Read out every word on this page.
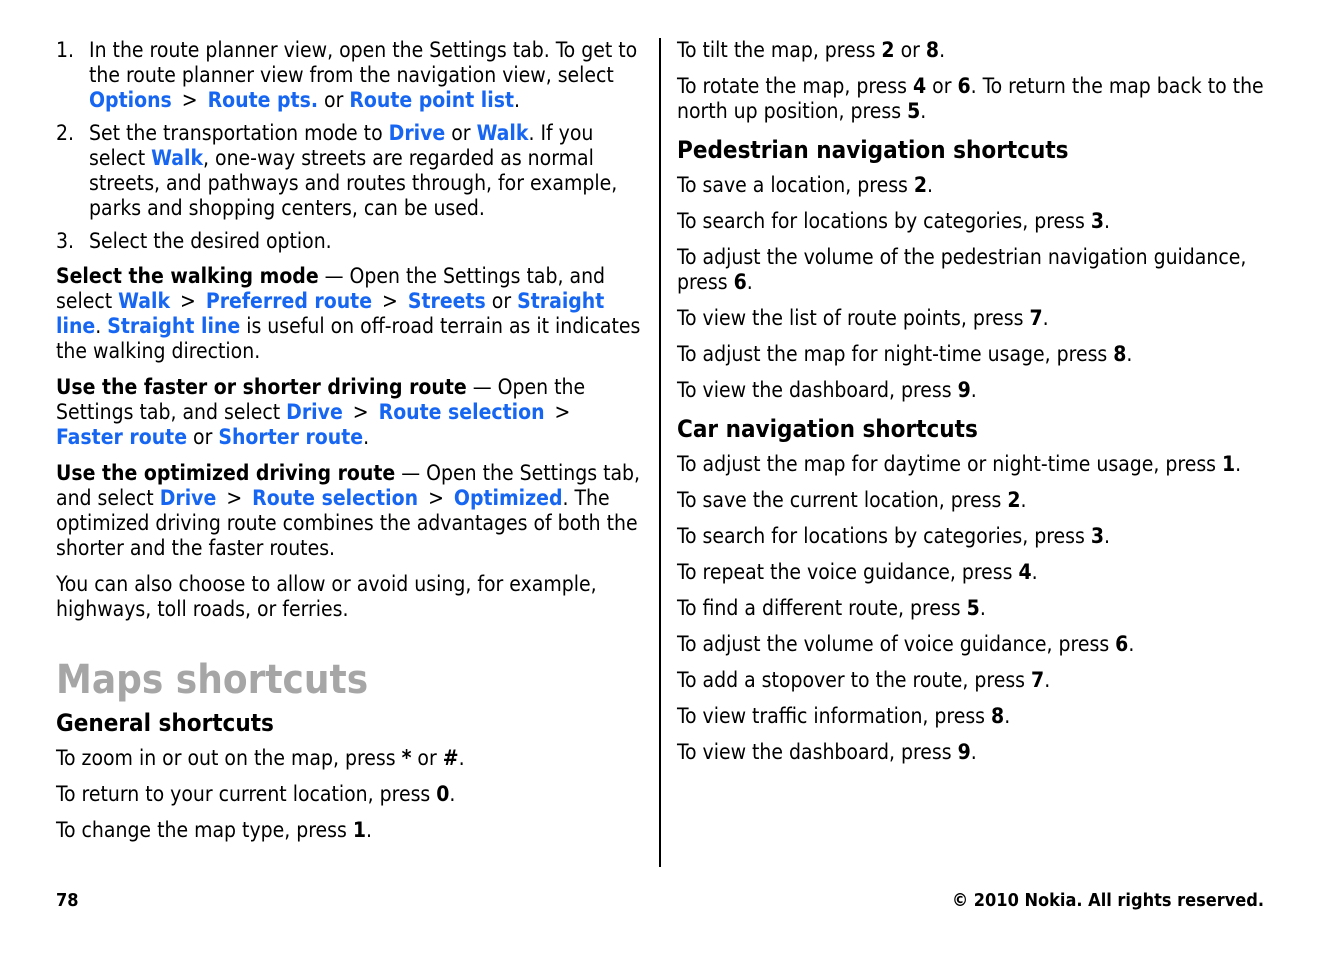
1. In the route planner view, open the Settings tab. To get to the route planner view from the navigation view, select Options > Route pts. or Route point list.
2. Set the transportation mode to Drive or Walk. If you select Walk, one-way streets are regarded as normal streets, and pathways and routes through, for example, parks and shopping centers, can be used.
3. Select the desired option.

Select the walking mode — Open the Settings tab, and select Walk > Preferred route > Streets or Straight line. Straight line is useful on off-road terrain as it indicates the walking direction.

Use the faster or shorter driving route — Open the Settings tab, and select Drive > Route selection >Faster route or Shorter route.

Use the optimized driving route — Open the Settings tab, and select Drive > Route selection > Optimized. The optimized driving route combines the advantages of both the shorter and the faster routes.

You can also choose to allow or avoid using, for example, highways, toll roads, or ferries.

Maps shortcuts
General shortcuts

To zoom in or out on the map, press * or #.

To return to your current location, press 0.

To change the map type, press 1.

To tilt the map, press 2 or 8.

To rotate the map, press 4 or 6. To return the map back to the north up position, press 5.

Pedestrian navigation shortcuts

To save a location, press 2.

To search for locations by categories, press 3.

To adjust the volume of the pedestrian navigation guidance, press 6.

To view the list of route points, press 7.

To adjust the map for night-time usage, press 8.

To view the dashboard, press 9.

Car navigation shortcuts

To adjust the map for daytime or night-time usage, press 1.

To save the current location, press 2.

To search for locations by categories, press 3.

To repeat the voice guidance, press 4.

To find a different route, press 5.

To adjust the volume of voice guidance, press 6.

To add a stopover to the route, press 7.

To view traffic information, press 8.

To view the dashboard, press 9.

78	© 2010 Nokia. All rights reserved.
